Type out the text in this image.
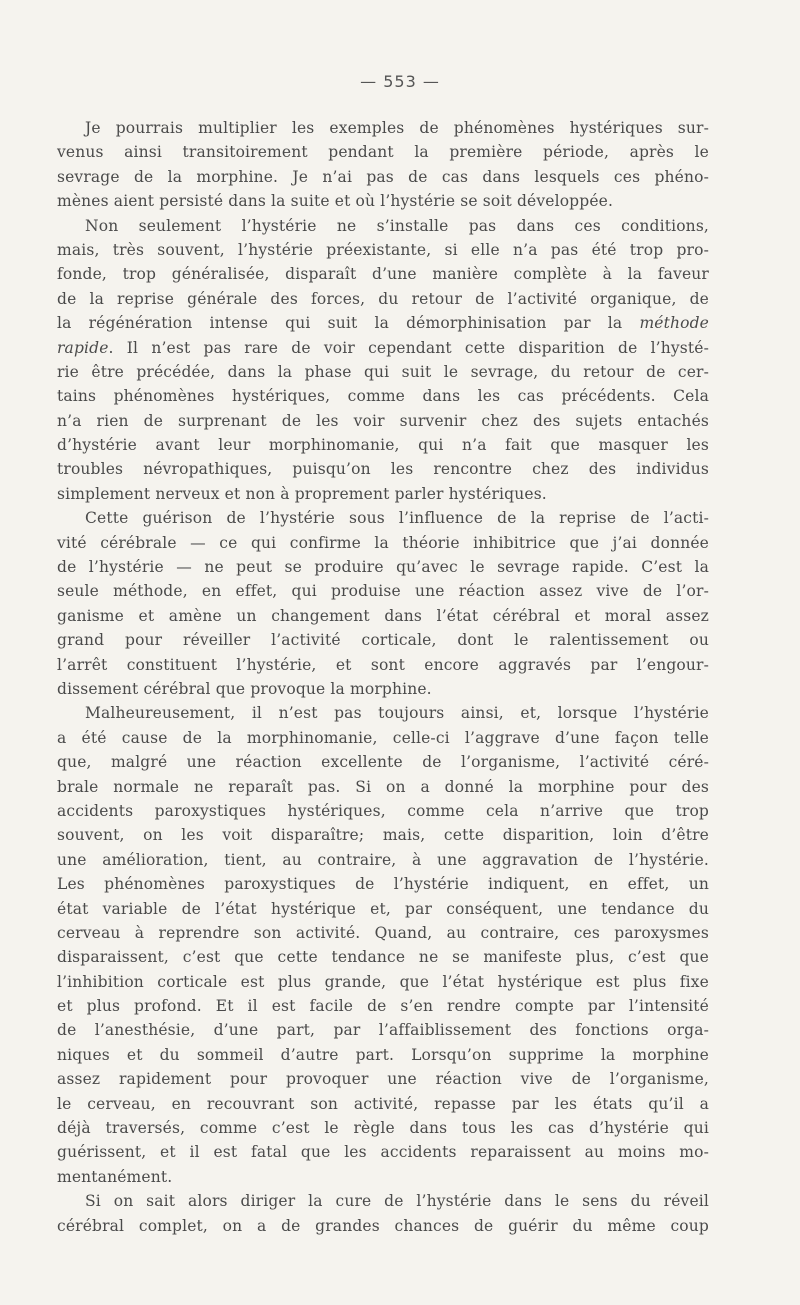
— 553 —
Je pourrais multiplier les exemples de phénomènes hystériques sur-
venus ainsi transitoirement pendant la première période, après le
sevrage de la morphine. Je n’ai pas de cas dans lesquels ces phéno-
mènes aient persisté dans la suite et où l’hystérie se soit développée.
Non seulement l’hystérie ne s’installe pas dans ces conditions,
mais, très souvent, l’hystérie préexistante, si elle n’a pas été trop pro-
fonde, trop généralisée, disparaît d’une manière complète à la faveur
de la reprise générale des forces, du retour de l’activité organique, de
la régénération intense qui suit la démorphinisation par la méthode
rapide. Il n’est pas rare de voir cependant cette disparition de l’hysté-
rie être précédée, dans la phase qui suit le sevrage, du retour de cer-
tains phénomènes hystériques, comme dans les cas précédents. Cela
n’a rien de surprenant de les voir survenir chez des sujets entachés
d’hystérie avant leur morphinomanie, qui n’a fait que masquer les
troubles névropathiques, puisqu’on les rencontre chez des individus
simplement nerveux et non à proprement parler hystériques.
Cette guérison de l’hystérie sous l’influence de la reprise de l’acti-
vité cérébrale — ce qui confirme la théorie inhibitrice que j’ai donnée
de l’hystérie — ne peut se produire qu’avec le sevrage rapide. C’est la
seule méthode, en effet, qui produise une réaction assez vive de l’or-
ganisme et amène un changement dans l’état cérébral et moral assez
grand pour réveiller l’activité corticale, dont le ralentissement ou
l’arrêt constituent l’hystérie, et sont encore aggravés par l’engour-
dissement cérébral que provoque la morphine.
Malheureusement, il n’est pas toujours ainsi, et, lorsque l’hystérie
a été cause de la morphinomanie, celle-ci l’aggrave d’une façon telle
que, malgré une réaction excellente de l’organisme, l’activité céré-
brale normale ne reparaît pas. Si on a donné la morphine pour des
accidents paroxystiques hystériques, comme cela n’arrive que trop
souvent, on les voit disparaître; mais, cette disparition, loin d’être
une amélioration, tient, au contraire, à une aggravation de l’hystérie.
Les phénomènes paroxystiques de l’hystérie indiquent, en effet, un
état variable de l’état hystérique et, par conséquent, une tendance du
cerveau à reprendre son activité. Quand, au contraire, ces paroxysmes
disparaissent, c’est que cette tendance ne se manifeste plus, c’est que
l’inhibition corticale est plus grande, que l’état hystérique est plus fixe
et plus profond. Et il est facile de s’en rendre compte par l’intensité
de l’anesthésie, d’une part, par l’affaiblissement des fonctions orga-
niques et du sommeil d’autre part. Lorsqu’on supprime la morphine
assez rapidement pour provoquer une réaction vive de l’organisme,
le cerveau, en recouvrant son activité, repasse par les états qu’il a
déjà traversés, comme c’est le règle dans tous les cas d’hystérie qui
guérissent, et il est fatal que les accidents reparaissent au moins mo-
mentanément.
Si on sait alors diriger la cure de l’hystérie dans le sens du réveil
cérébral complet, on a de grandes chances de guérir du même coup
